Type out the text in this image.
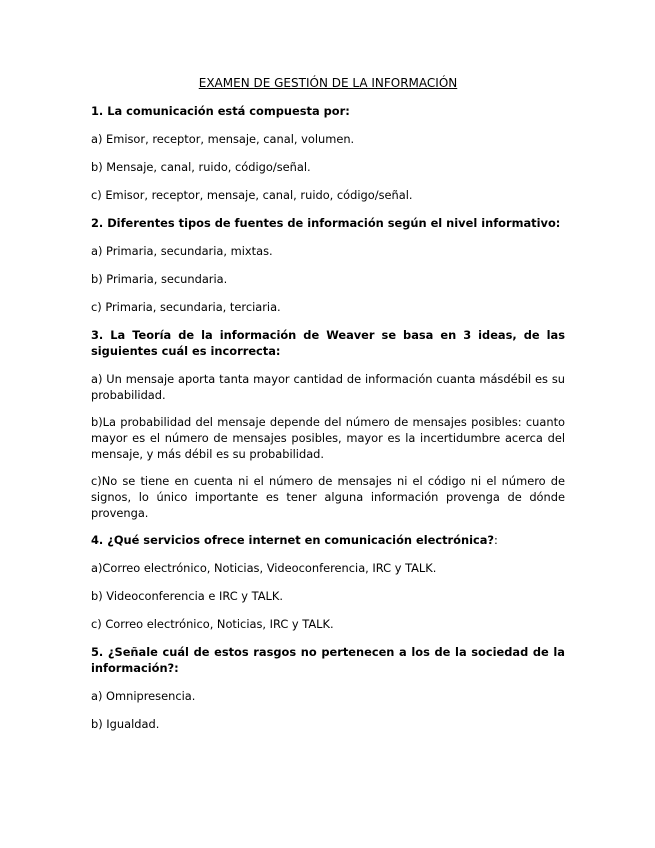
EXAMEN DE GESTIÓN DE LA INFORMACIÓN
1. La comunicación está compuesta por:
a) Emisor, receptor, mensaje, canal, volumen.
b) Mensaje, canal, ruido, código/señal.
c) Emisor, receptor, mensaje, canal, ruido, código/señal.
2. Diferentes tipos de fuentes de información según el nivel informativo:
a) Primaria, secundaria, mixtas.
b) Primaria, secundaria.
c) Primaria, secundaria, terciaria.
3. La Teoría de la información de Weaver se basa en 3 ideas, de las siguientes cuál es incorrecta:
a) Un mensaje aporta tanta mayor cantidad de información cuanta másdébil es su probabilidad.
b)La probabilidad del mensaje depende del número de mensajes posibles: cuanto mayor es el número de mensajes posibles, mayor es la incertidumbre acerca del mensaje, y más débil es su probabilidad.
c)No se tiene en cuenta ni el número de mensajes ni el código ni el número de signos, lo único importante es tener alguna información provenga de dónde provenga.
4. ¿Qué servicios ofrece internet en comunicación electrónica?:
a)Correo electrónico, Noticias, Videoconferencia, IRC y TALK.
b) Videoconferencia e IRC y TALK.
c) Correo electrónico, Noticias, IRC y TALK.
5. ¿Señale cuál de estos rasgos no pertenecen a los de la sociedad de la información?:
a) Omnipresencia.
b) Igualdad.
